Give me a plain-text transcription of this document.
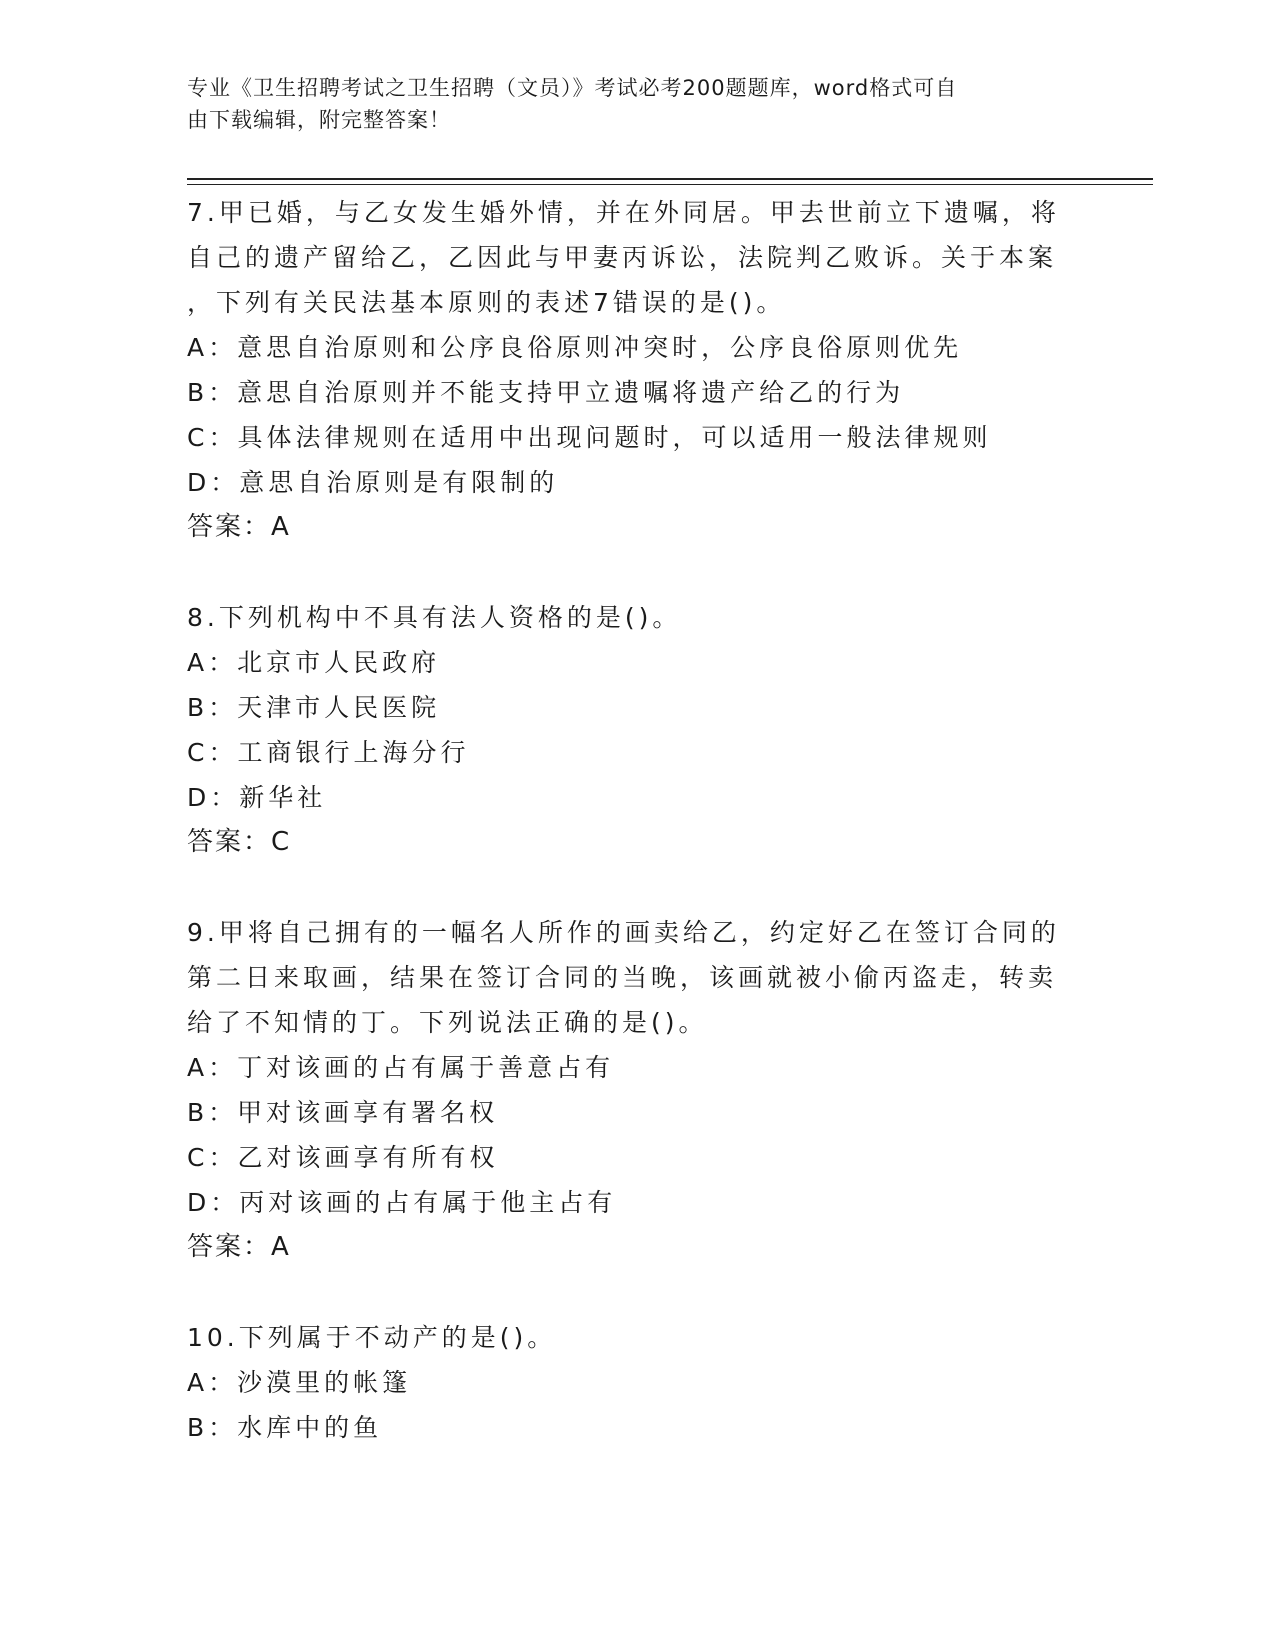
专业《卫生招聘考试之卫生招聘（文员）》考试必考200题题库，word格式可自
由下载编辑，附完整答案！
7.甲已婚，与乙女发生婚外情，并在外同居。甲去世前立下遗嘱，将
自己的遗产留给乙，乙因此与甲妻丙诉讼，法院判乙败诉。关于本案
，下列有关民法基本原则的表述7错误的是()。
A：意思自治原则和公序良俗原则冲突时，公序良俗原则优先
B：意思自治原则并不能支持甲立遗嘱将遗产给乙的行为
C：具体法律规则在适用中出现问题时，可以适用一般法律规则
D：意思自治原则是有限制的
答案：A
8.下列机构中不具有法人资格的是()。
A：北京市人民政府
B：天津市人民医院
C：工商银行上海分行
D：新华社
答案：C
9.甲将自己拥有的一幅名人所作的画卖给乙，约定好乙在签订合同的
第二日来取画，结果在签订合同的当晚，该画就被小偷丙盗走，转卖
给了不知情的丁。下列说法正确的是()。
A：丁对该画的占有属于善意占有
B：甲对该画享有署名权
C：乙对该画享有所有权
D：丙对该画的占有属于他主占有
答案：A
10.下列属于不动产的是()。
A：沙漠里的帐篷
B：水库中的鱼
